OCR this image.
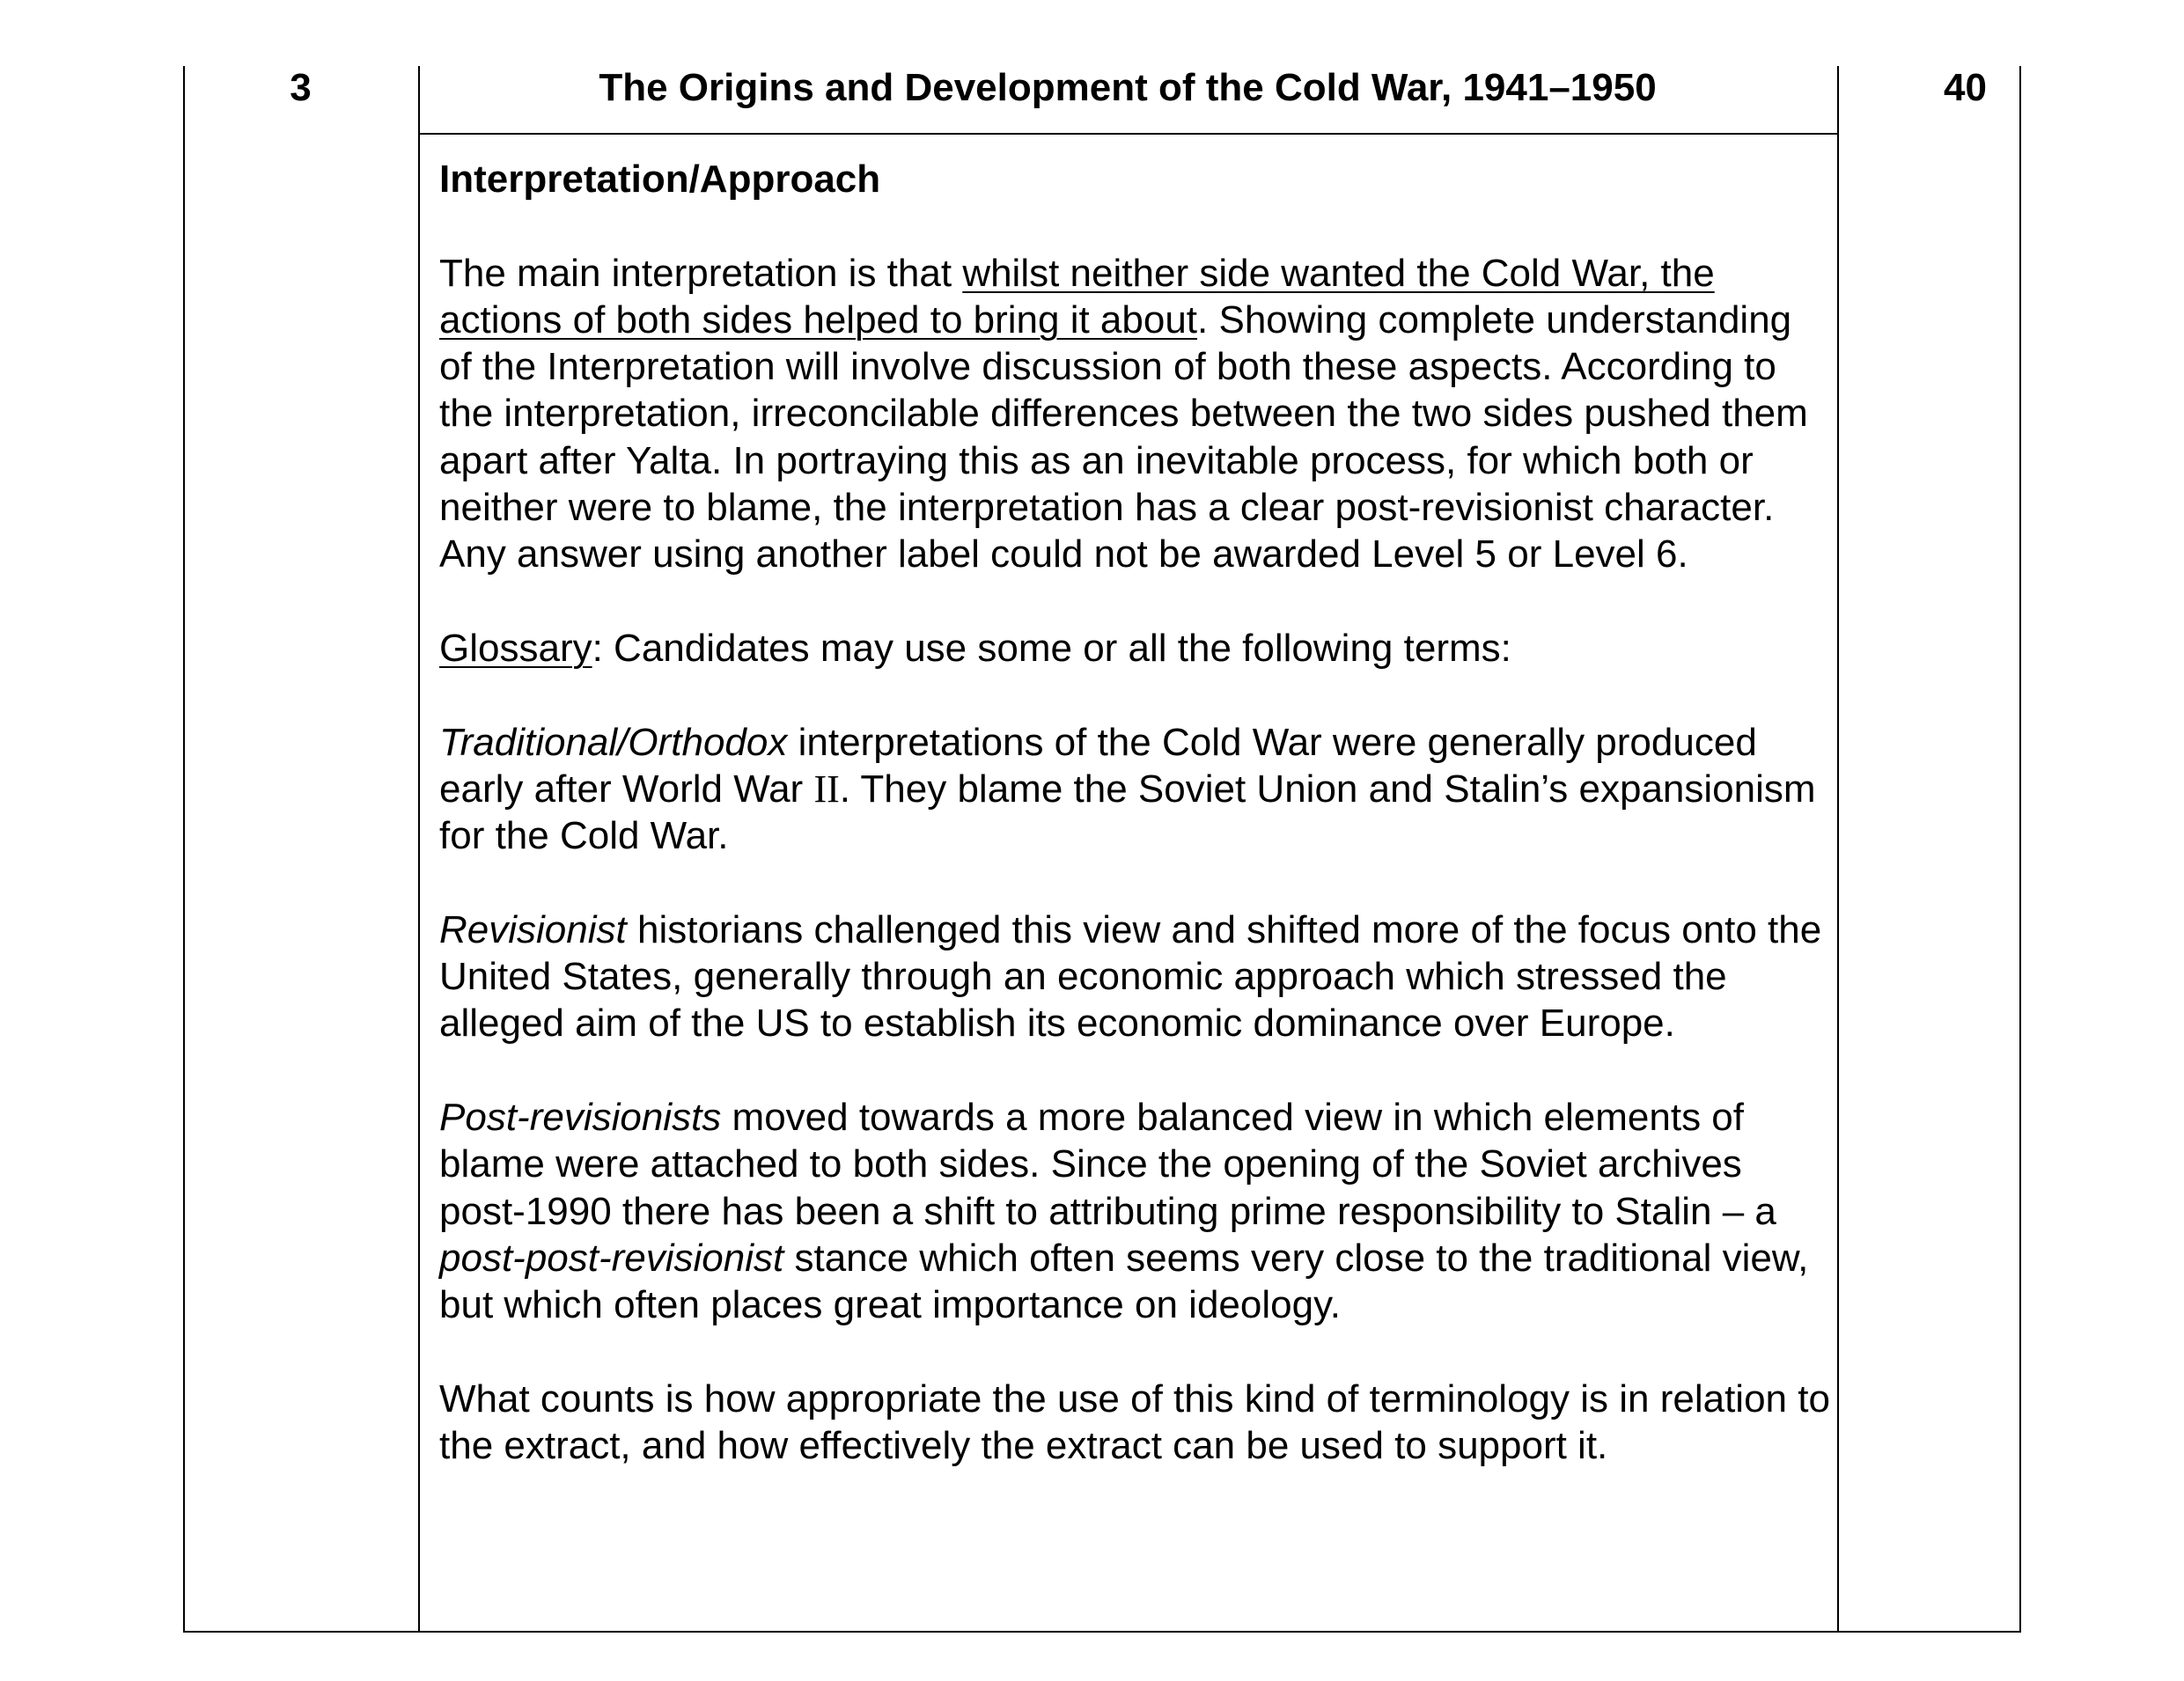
3	The Origins and Development of the Cold War, 1941–1950	40

Interpretation/Approach

The main interpretation is that whilst neither side wanted the Cold War, the actions of both sides helped to bring it about. Showing complete understanding of the Interpretation will involve discussion of both these aspects. According to the interpretation, irreconcilable differences between the two sides pushed them apart after Yalta. In portraying this as an inevitable process, for which both or neither were to blame, the interpretation has a clear post-revisionist character. Any answer using another label could not be awarded Level 5 or Level 6.

Glossary: Candidates may use some or all the following terms:

Traditional/Orthodox interpretations of the Cold War were generally produced early after World War II. They blame the Soviet Union and Stalin’s expansionism for the Cold War.

Revisionist historians challenged this view and shifted more of the focus onto the United States, generally through an economic approach which stressed the alleged aim of the US to establish its economic dominance over Europe.

Post-revisionists moved towards a more balanced view in which elements of blame were attached to both sides. Since the opening of the Soviet archives post-1990 there has been a shift to attributing prime responsibility to Stalin – a post-post-revisionist stance which often seems very close to the traditional view, but which often places great importance on ideology.

What counts is how appropriate the use of this kind of terminology is in relation to the extract, and how effectively the extract can be used to support it.
